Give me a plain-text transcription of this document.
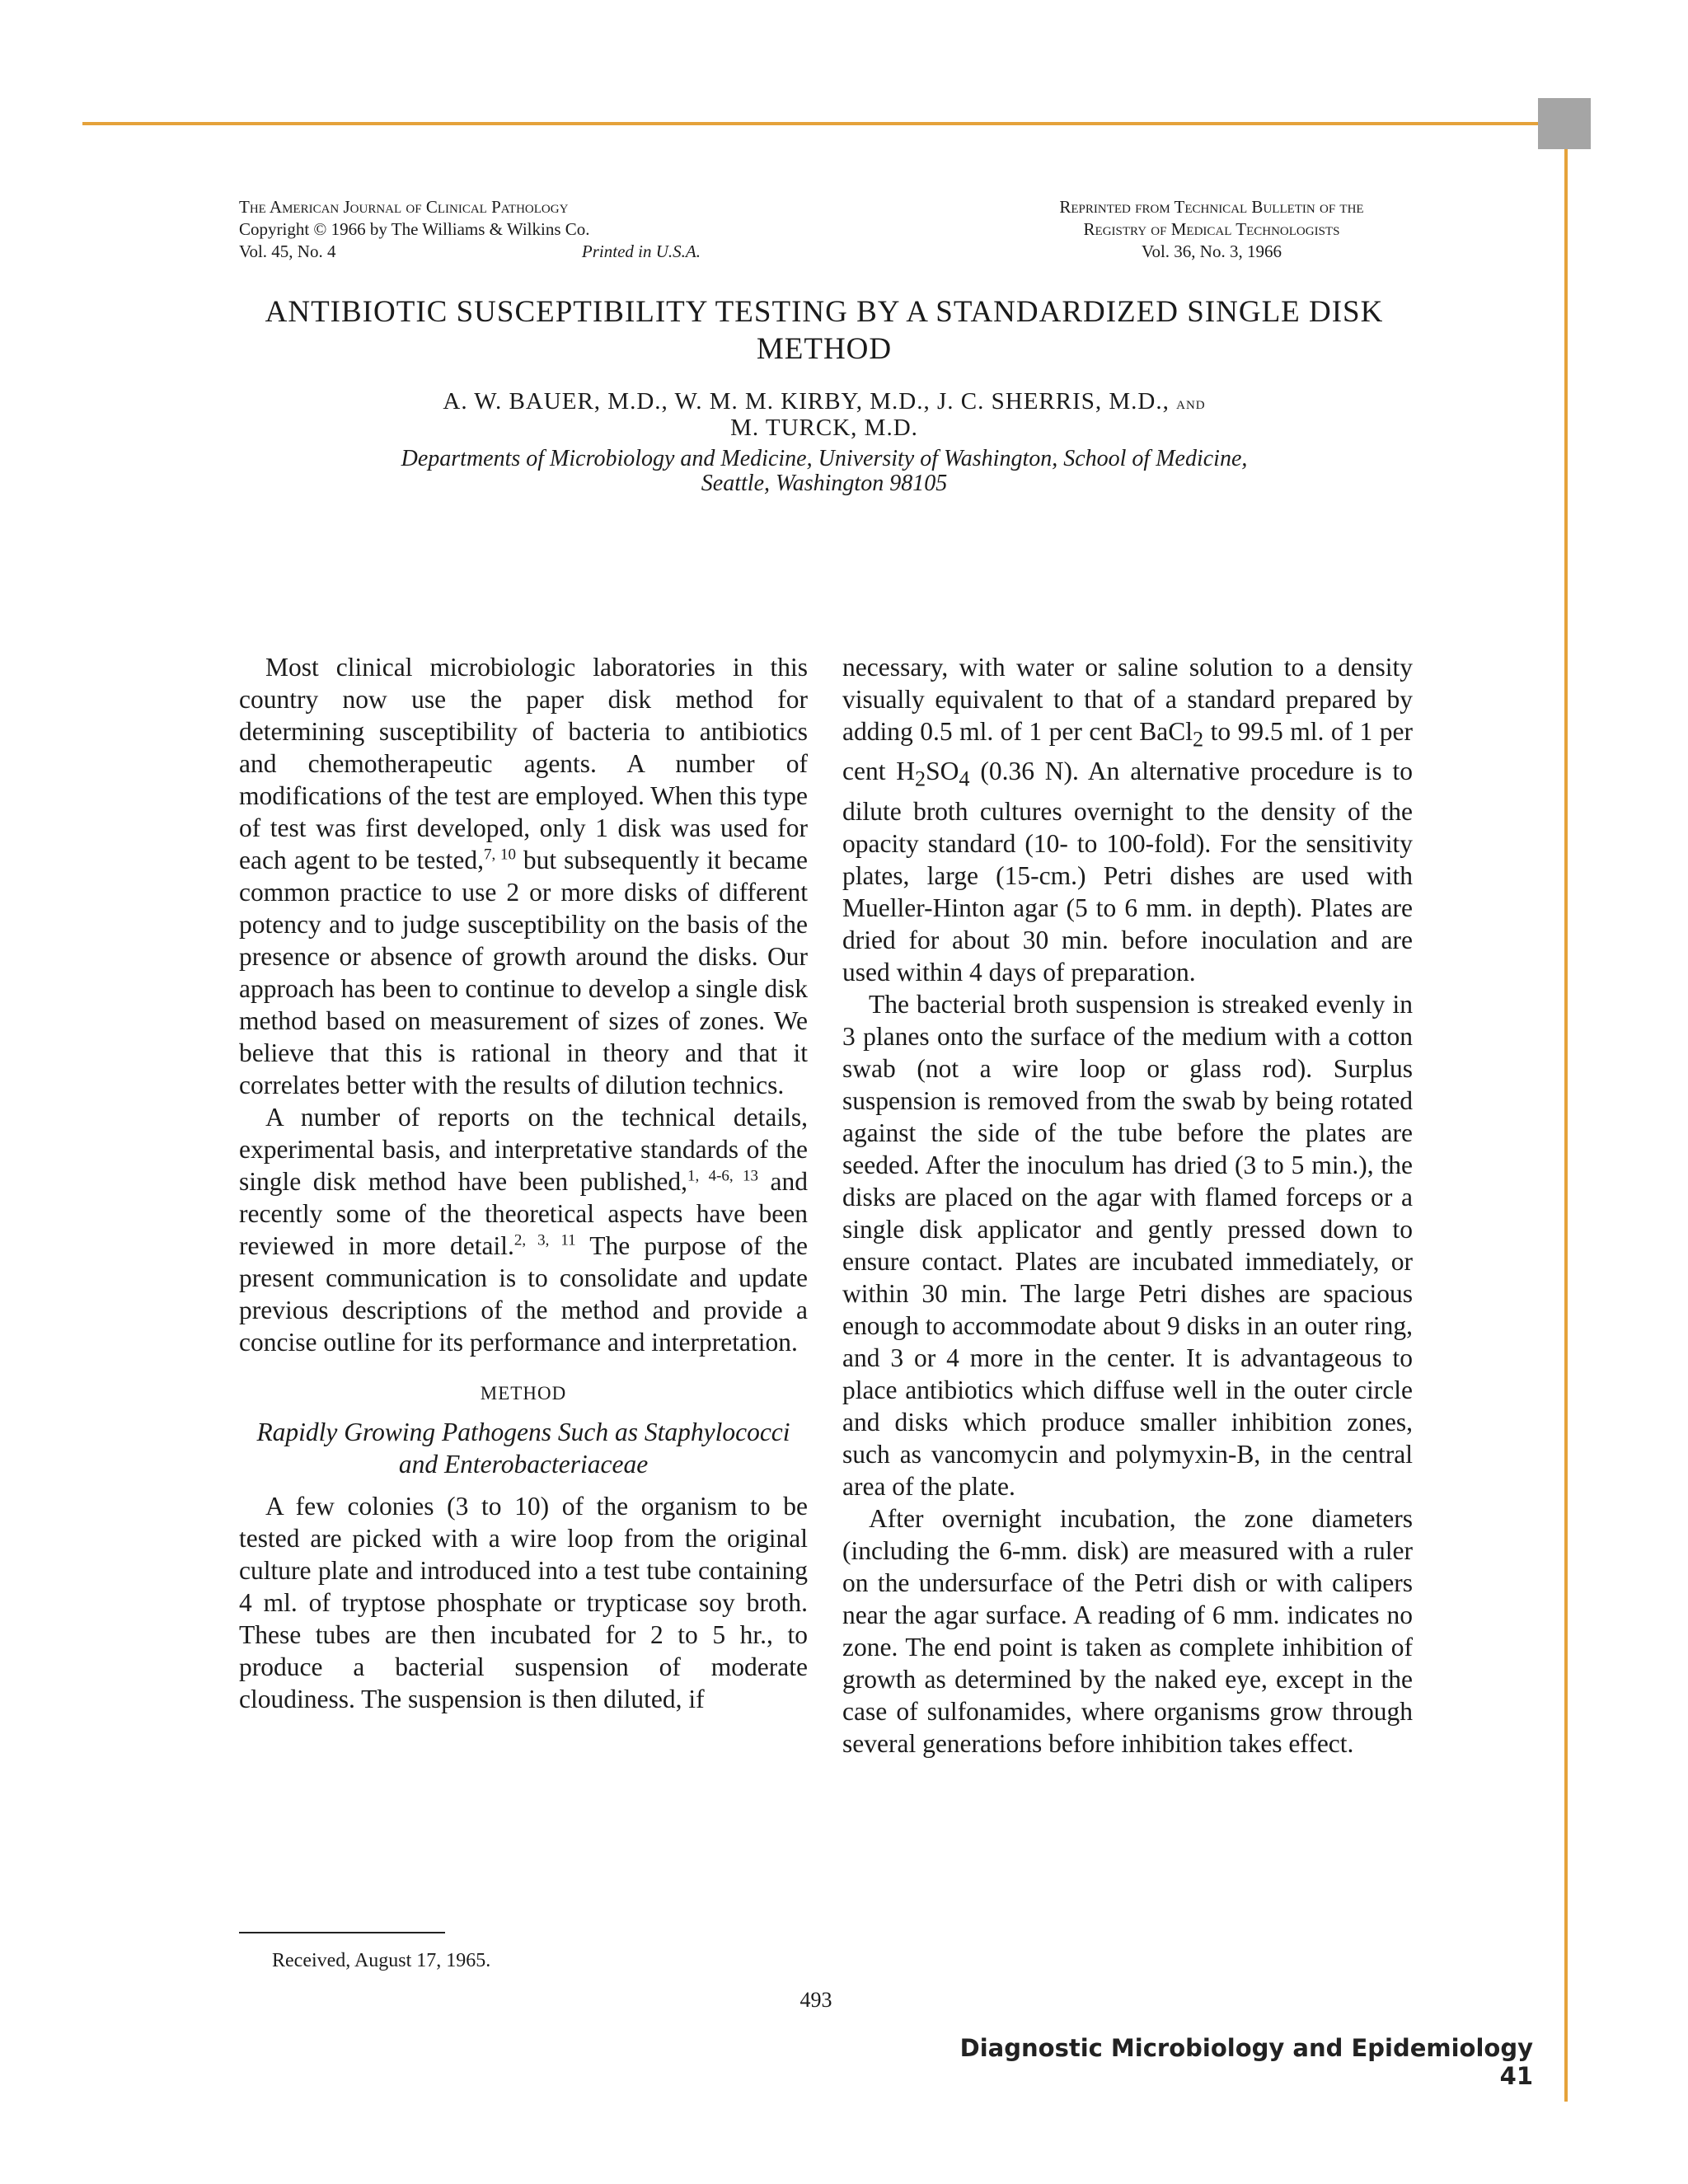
The American Journal of Clinical Pathology
Copyright © 1966 by The Williams & Wilkins Co.
Vol. 45, No. 4	Printed in U.S.A.
Reprinted from Technical Bulletin of the
Registry of Medical Technologists
Vol. 36, No. 3, 1966
ANTIBIOTIC SUSCEPTIBILITY TESTING BY A STANDARDIZED SINGLE DISK METHOD
A. W. BAUER, M.D., W. M. M. KIRBY, M.D., J. C. SHERRIS, M.D., and
M. TURCK, M.D.
Departments of Microbiology and Medicine, University of Washington, School of Medicine,
Seattle, Washington 98105

Most clinical microbiologic laboratories in this country now use the paper disk method for determining susceptibility of bacteria to antibiotics and chemotherapeutic agents. A number of modifications of the test are employed. When this type of test was first developed, only 1 disk was used for each agent to be tested,$^{7, 10}$ but subsequently it became common practice to use 2 or more disks of different potency and to judge susceptibility on the basis of the presence or absence of growth around the disks. Our approach has been to continue to develop a single disk method based on measurement of sizes of zones. We believe that this is rational in theory and that it correlates better with the results of dilution technics.

A number of reports on the technical details, experimental basis, and interpretative standards of the single disk method have been published,$^{1, 4-6, 13}$ and recently some of the theoretical aspects have been reviewed in more detail.$^{2, 3, 11}$ The purpose of the present communication is to consolidate and update previous descriptions of the method and provide a concise outline for its performance and interpretation.

METHOD
Rapidly Growing Pathogens Such as Staphylococci and Enterobacteriaceae

A few colonies (3 to 10) of the organism to be tested are picked with a wire loop from the original culture plate and introduced into a test tube containing 4 ml. of tryptose phosphate or trypticase soy broth. These tubes are then incubated for 2 to 5 hr., to produce a bacterial suspension of moderate cloudiness. The suspension is then diluted, if

necessary, with water or saline solution to a density visually equivalent to that of a standard prepared by adding 0.5 ml. of 1 per cent BaCl$_2$ to 99.5 ml. of 1 per cent $H_2SO_4$ (0.36 N). An alternative procedure is to dilute broth cultures overnight to the density of the opacity standard (10- to 100-fold). For the sensitivity plates, large (15-cm.) Petri dishes are used with Mueller-Hinton agar (5 to 6 mm. in depth). Plates are dried for about 30 min. before inoculation and are used within 4 days of preparation.

The bacterial broth suspension is streaked evenly in 3 planes onto the surface of the medium with a cotton swab (not a wire loop or glass rod). Surplus suspension is removed from the swab by being rotated against the side of the tube before the plates are seeded. After the inoculum has dried (3 to 5 min.), the disks are placed on the agar with flamed forceps or a single disk applicator and gently pressed down to ensure contact. Plates are incubated immediately, or within 30 min. The large Petri dishes are spacious enough to accommodate about 9 disks in an outer ring, and 3 or 4 more in the center. It is advantageous to place antibiotics which diffuse well in the outer circle and disks which produce smaller inhibition zones, such as vancomycin and polymyxin-B, in the central area of the plate.

After overnight incubation, the zone diameters (including the 6-mm. disk) are measured with a ruler on the undersurface of the Petri dish or with calipers near the agar surface. A reading of 6 mm. indicates no zone. The end point is taken as complete inhibition of growth as determined by the naked eye, except in the case of sulfonamides, where organisms grow through several generations before inhibition takes effect.

Received, August 17, 1965.
493
Diagnostic Microbiology and Epidemiology 41
